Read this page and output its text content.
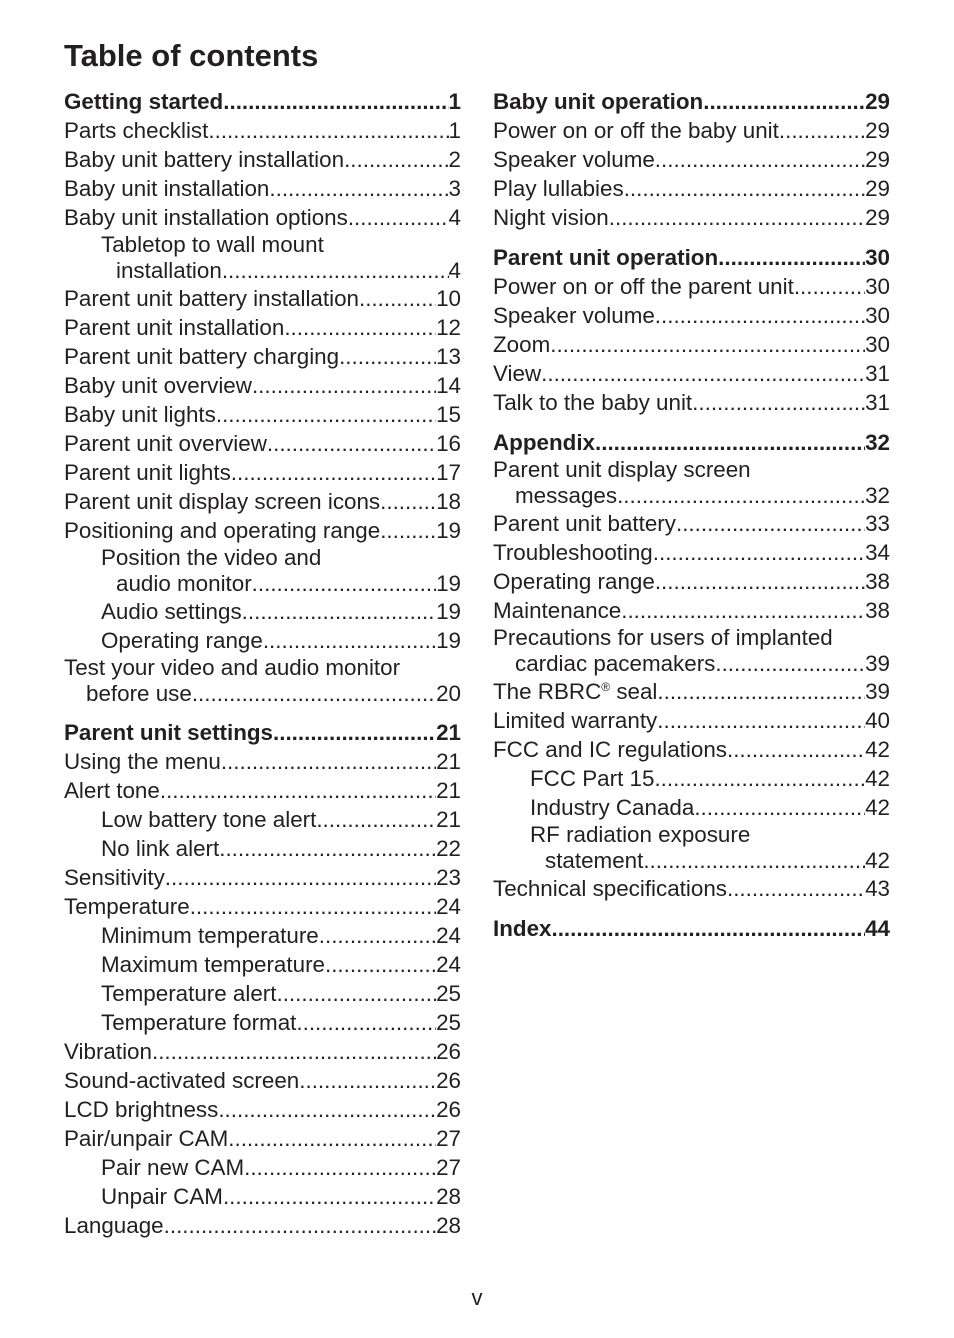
Table of contents
Getting started .....	1
Parts checklist .....	1
Baby unit battery installation .....	2
Baby unit installation .....	3
Baby unit installation options .....	4
Tabletop to wall mount
installation .....	4
Parent unit battery installation .....	10
Parent unit installation .....	12
Parent unit battery charging .....	13
Baby unit overview .....	14
Baby unit lights .....	15
Parent unit overview .....	16
Parent unit lights .....	17
Parent unit display screen icons ..... 18
Positioning and operating range ..... 19
Position the video and
audio monitor .....	19
Audio settings .....	19
Operating range .....	19
Test your video and audio monitor
before use .....	20
Parent unit settings .....	21
Using the menu .....	21
Alert tone .....	21
Low battery tone alert .....	21
No link alert .....	22
Sensitivity .....	23
Temperature .....	24
Minimum temperature .....	24
Maximum temperature .....	24
Temperature alert .....	25
Temperature format .....	25
Vibration .....	26
Sound-activated screen .....	26
LCD brightness .....	26
Pair/unpair CAM .....	27
Pair new CAM .....	27
Unpair CAM .....	28
Language .....	28
Baby unit operation .....	29
Power on or off the baby unit .....	29
Speaker volume .....	29
Play lullabies .....	29
Night vision .....	29
Parent unit operation .....	30
Power on or off the parent unit .....	30
Speaker volume .....	30
Zoom .....	30
View .....	31
Talk to the baby unit .....	31
Appendix .....	32
Parent unit display screen
messages .....	32
Parent unit battery .....	33
Troubleshooting .....	34
Operating range .....	38
Maintenance .....	38
Precautions for users of implanted
cardiac pacemakers .....	39
The RBRC® seal .....	39
Limited warranty .....	40
FCC and IC regulations .....	42
FCC Part 15 .....	42
Industry Canada .....	42
RF radiation exposure
statement .....	42
Technical specifications .....	43
Index .....	44
v
